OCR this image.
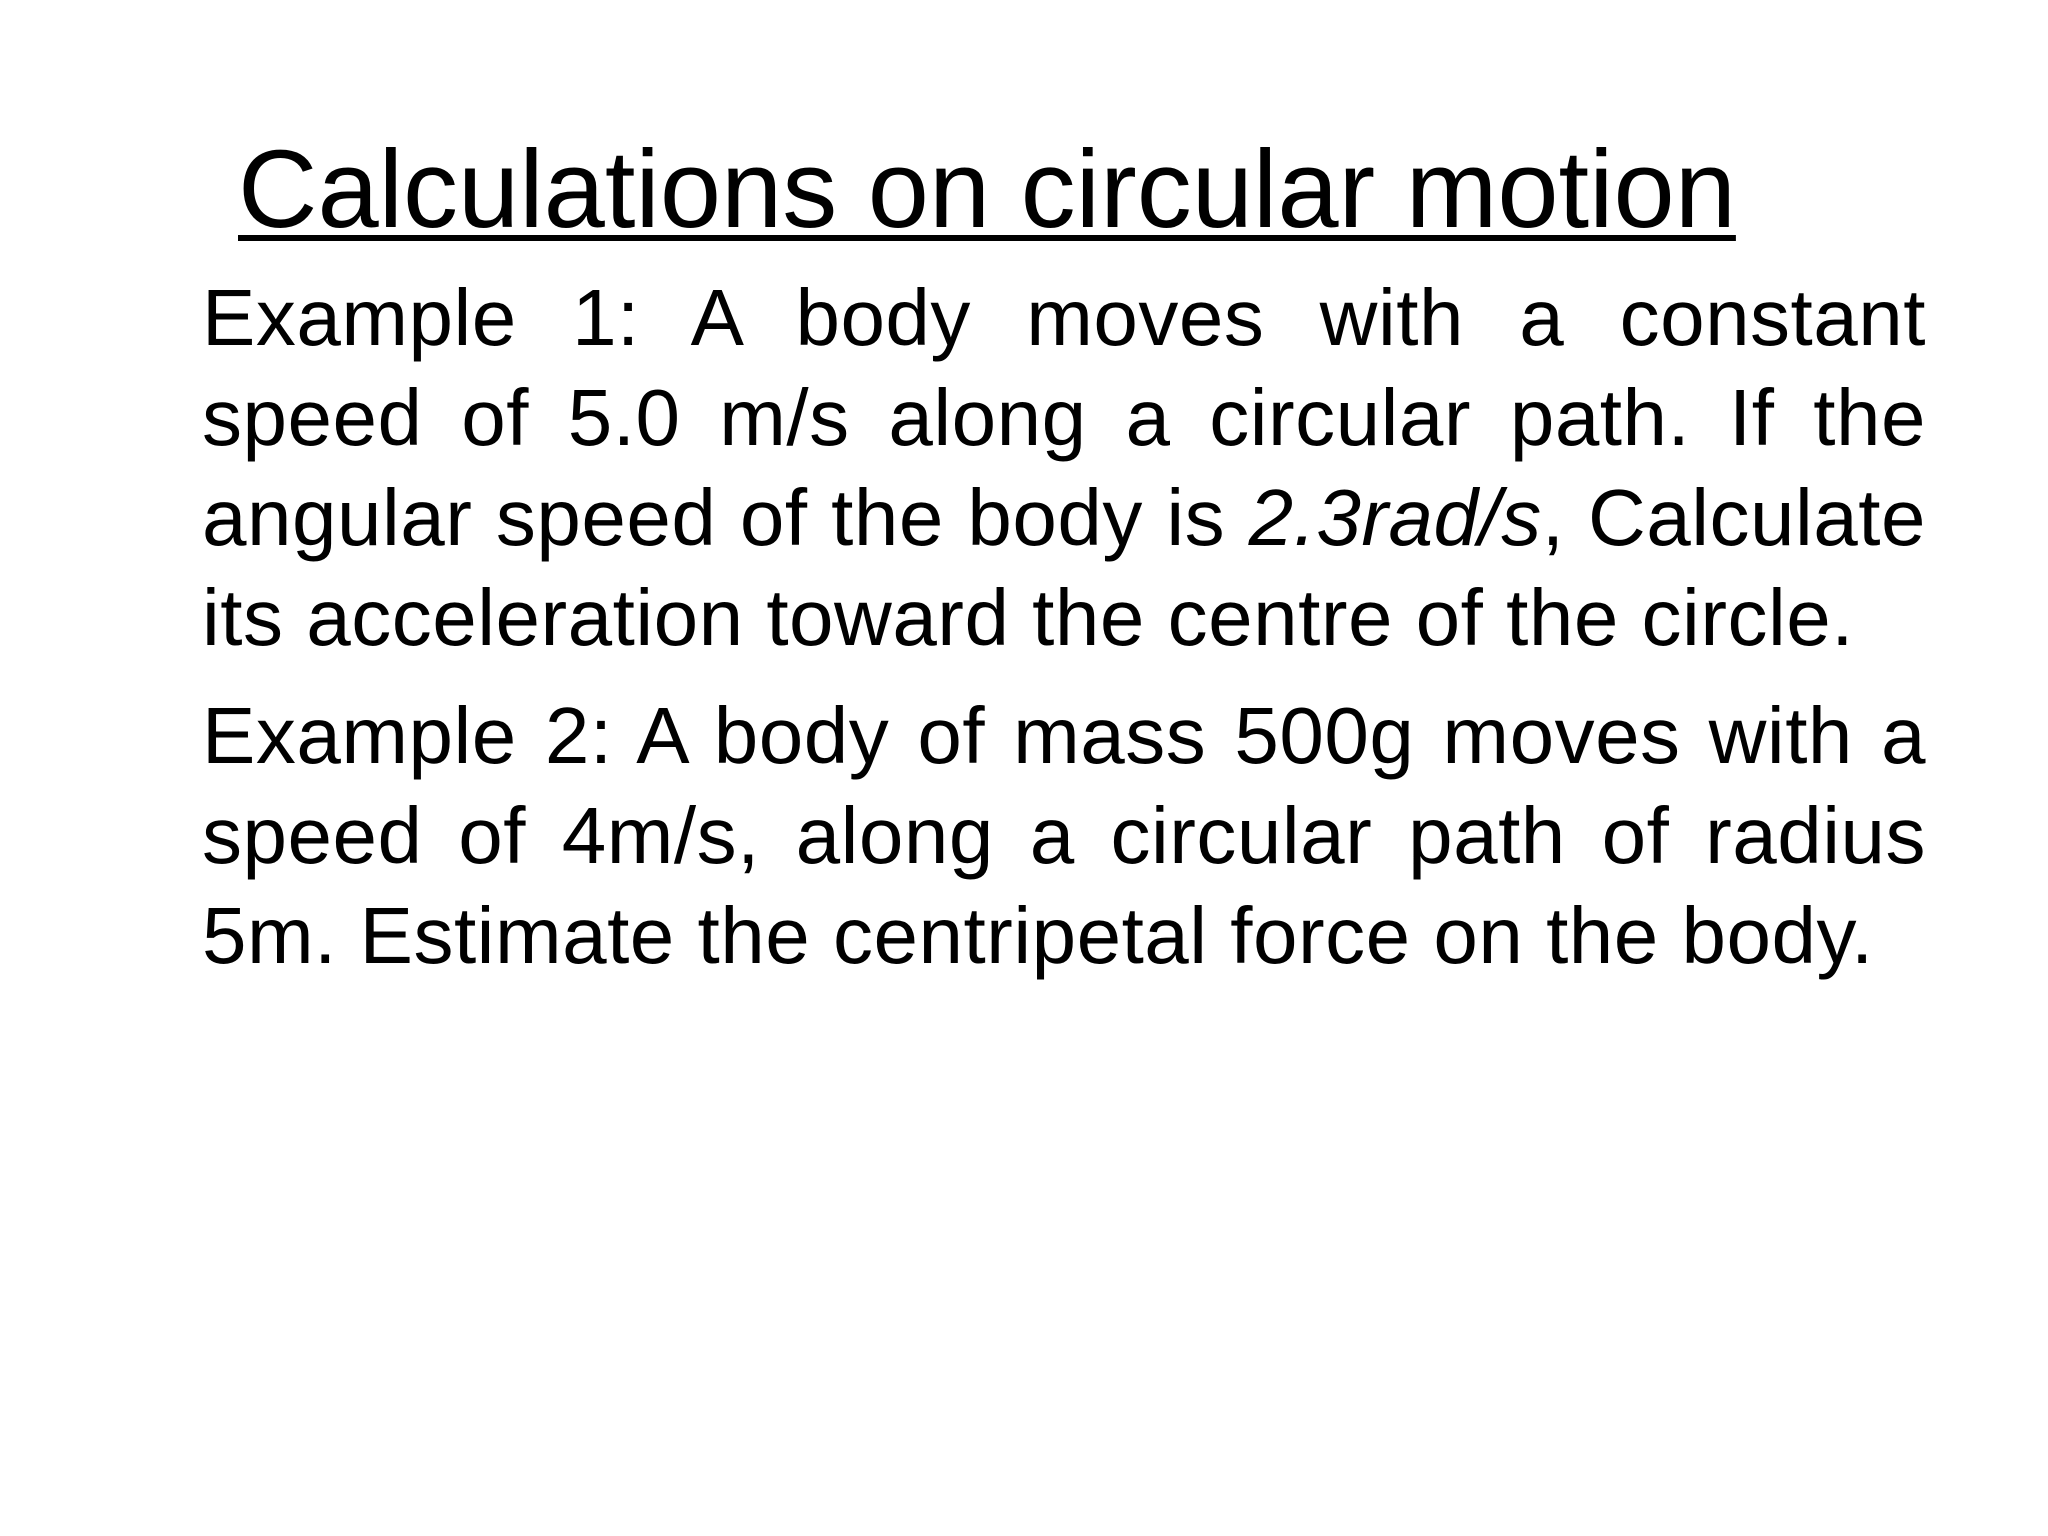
Calculations on circular motion

Example 1: A body moves with a constant speed of 5.0 m/s along a circular path. If the angular speed of the body is 2.3rad/s, Calculate its acceleration toward the centre of the circle.

Example 2: A body of mass 500g moves with a speed of 4m/s, along a circular path of radius 5m. Estimate the centripetal force on the body.
